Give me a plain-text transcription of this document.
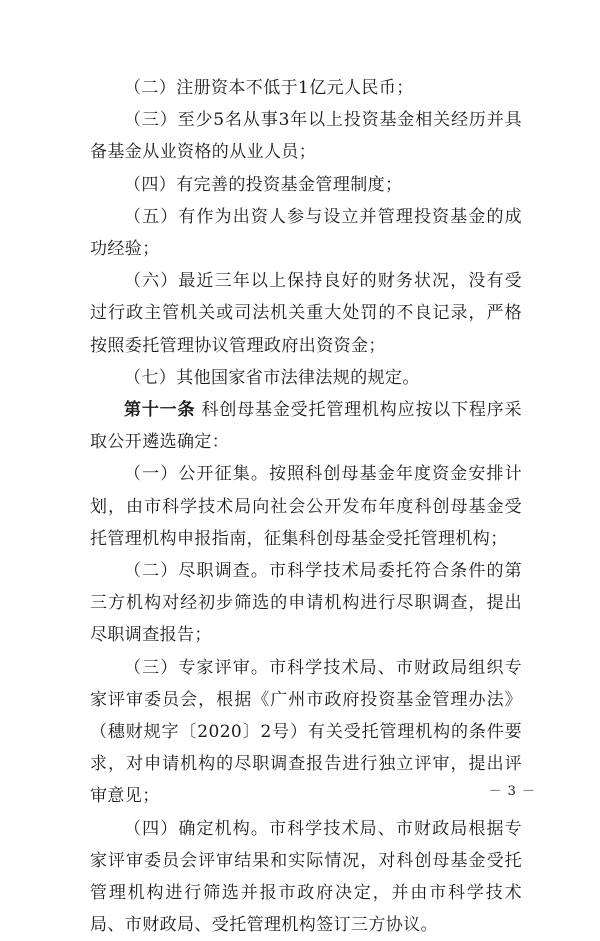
（二）注册资本不低于1亿元人民币；

（三）至少5名从事3年以上投资基金相关经历并具备基金从业资格的从业人员；

（四）有完善的投资基金管理制度；

（五）有作为出资人参与设立并管理投资基金的成功经验；

（六）最近三年以上保持良好的财务状况，没有受过行政主管机关或司法机关重大处罚的不良记录，严格按照委托管理协议管理政府出资资金；

（七）其他国家省市法律法规的规定。

第十一条 科创母基金受托管理机构应按以下程序采取公开遴选确定：

（一）公开征集。按照科创母基金年度资金安排计划，由市科学技术局向社会公开发布年度科创母基金受托管理机构申报指南，征集科创母基金受托管理机构；

（二）尽职调查。市科学技术局委托符合条件的第三方机构对经初步筛选的申请机构进行尽职调查，提出尽职调查报告；

（三）专家评审。市科学技术局、市财政局组织专家评审委员会，根据《广州市政府投资基金管理办法》（穗财规字〔2020〕2号）有关受托管理机构的条件要求，对申请机构的尽职调查报告进行独立评审，提出评审意见；

（四）确定机构。市科学技术局、市财政局根据专家评审委员会评审结果和实际情况，对科创母基金受托管理机构进行筛选并报市政府决定，并由市科学技术局、市财政局、受托管理机构签订三方协议。

－ 3 －
